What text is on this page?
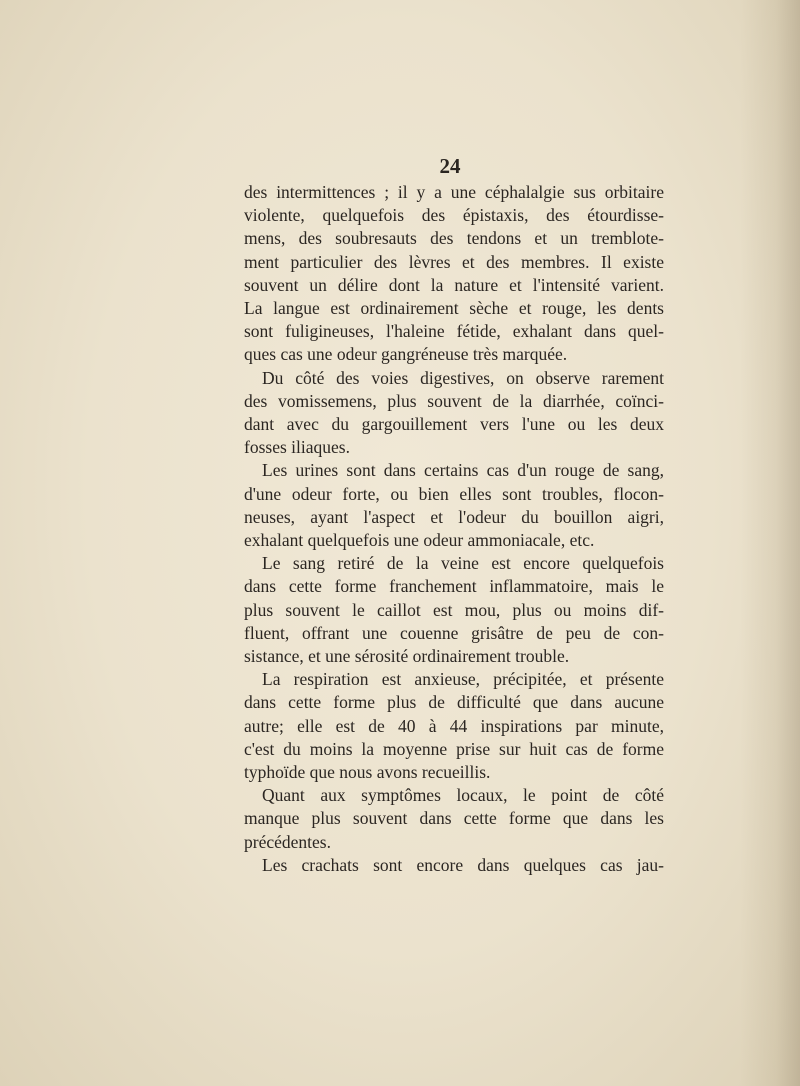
24
des intermittences ; il y a une céphalalgie sus orbitaire
violente, quelquefois des épistaxis, des étourdisse-
mens, des soubresauts des tendons et un tremblote-
ment particulier des lèvres et des membres. Il existe
souvent un délire dont la nature et l'intensité varient.
La langue est ordinairement sèche et rouge, les dents
sont fuligineuses, l'haleine fétide, exhalant dans quel-
ques cas une odeur gangréneuse très marquée.
Du côté des voies digestives, on observe rarement
des vomissemens, plus souvent de la diarrhée, coïnci-
dant avec du gargouillement vers l'une ou les deux
fosses iliaques.
Les urines sont dans certains cas d'un rouge de sang,
d'une odeur forte, ou bien elles sont troubles, flocon-
neuses, ayant l'aspect et l'odeur du bouillon aigri,
exhalant quelquefois une odeur ammoniacale, etc.
Le sang retiré de la veine est encore quelquefois
dans cette forme franchement inflammatoire, mais le
plus souvent le caillot est mou, plus ou moins dif-
fluent, offrant une couenne grisâtre de peu de con-
sistance, et une sérosité ordinairement trouble.
La respiration est anxieuse, précipitée, et présente
dans cette forme plus de difficulté que dans aucune
autre; elle est de 40 à 44 inspirations par minute,
c'est du moins la moyenne prise sur huit cas de forme
typhoïde que nous avons recueillis.
Quant aux symptômes locaux, le point de côté
manque plus souvent dans cette forme que dans les
précédentes.
Les crachats sont encore dans quelques cas jau-
